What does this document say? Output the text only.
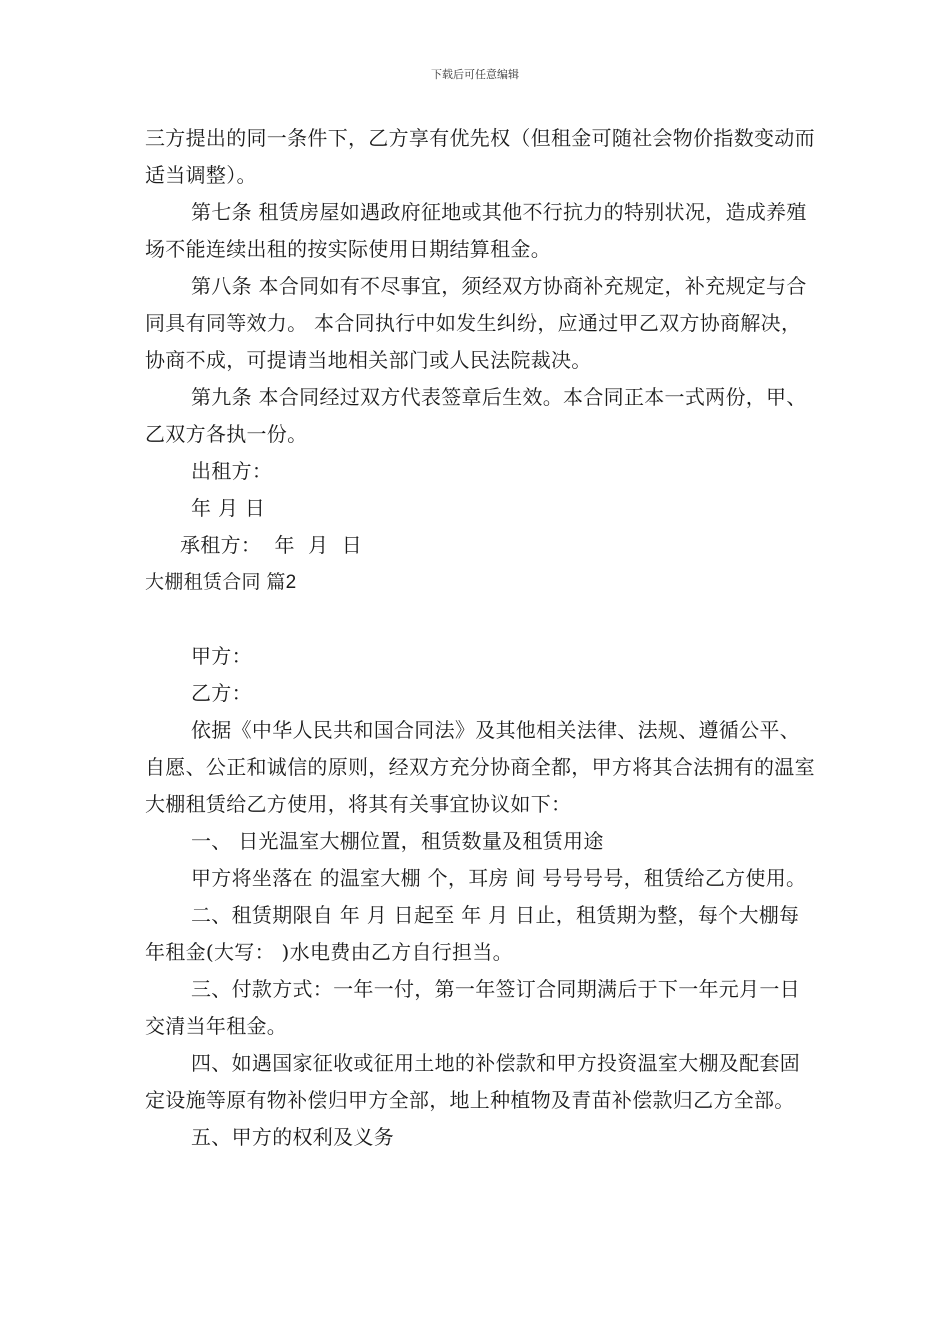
下载后可任意编辑

三方提出的同一条件下，乙方享有优先权（但租金可随社会物价指数变动而适当调整）。

第七条 租赁房屋如遇政府征地或其他不行抗力的特别状况，造成养殖场不能连续出租的按实际使用日期结算租金。

第八条 本合同如有不尽事宜，须经双方协商补充规定，补充规定与合同具有同等效力。 本合同执行中如发生纠纷，应通过甲乙双方协商解决，协商不成，可提请当地相关部门或人民法院裁决。

第九条 本合同经过双方代表签章后生效。本合同正本一式两份，甲、乙双方各执一份。

出租方：

年 月 日

承租方：  年  月  日

大棚租赁合同 篇2

甲方：

乙方：

依据《中华人民共和国合同法》及其他相关法律、法规、遵循公平、自愿、公正和诚信的原则，经双方充分协商全都，甲方将其合法拥有的温室大棚租赁给乙方使用，将其有关事宜协议如下：

一、 日光温室大棚位置，租赁数量及租赁用途

甲方将坐落在 的温室大棚 个，耳房 间 号号号号，租赁给乙方使用。

二、租赁期限自 年 月 日起至 年 月 日止，租赁期为整，每个大棚每年租金(大写： )水电费由乙方自行担当。

三、付款方式：一年一付，第一年签订合同期满后于下一年元月一日交清当年租金。

四、如遇国家征收或征用土地的补偿款和甲方投资温室大棚及配套固定设施等原有物补偿归甲方全部，地上种植物及青苗补偿款归乙方全部。

五、甲方的权利及义务
